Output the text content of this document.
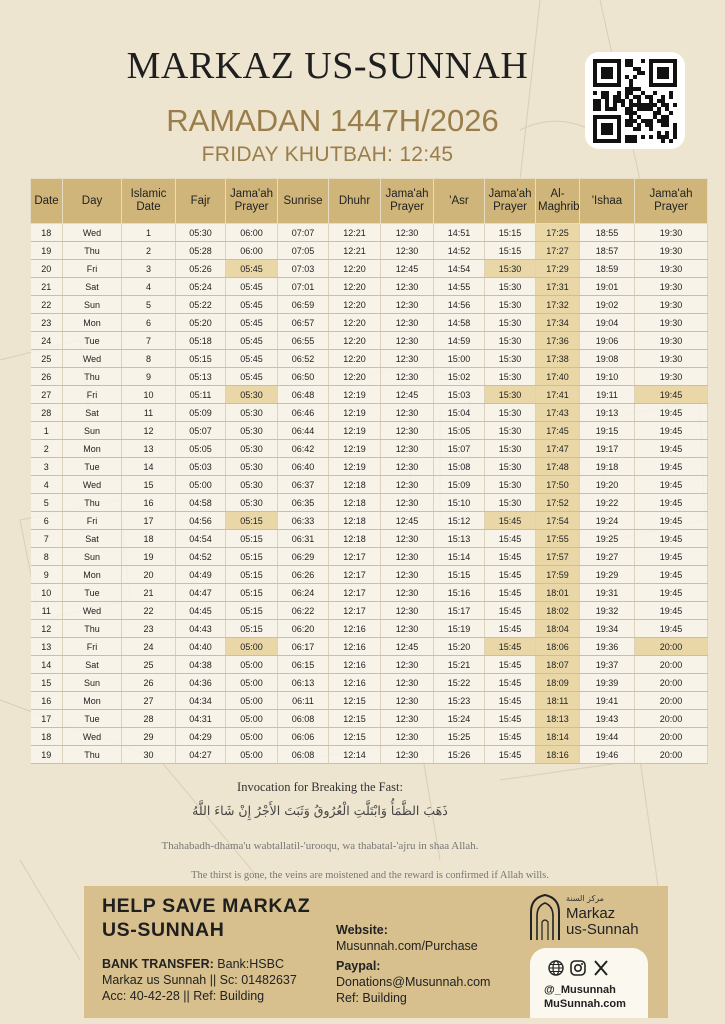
MARKAZ US-SUNNAH
RAMADAN 1447H/2026
FRIDAY KHUTBAH: 12:45
Date	Day	Islamic Date	Fajr	Jama'ah Prayer	Sunrise	Dhuhr	Jama'ah Prayer	'Asr	Jama'ah Prayer	Al-Maghrib	'Ishaa	Jama'ah Prayer
18	Wed	1	05:30	06:00	07:07	12:21	12:30	14:51	15:15	17:25	18:55	19:30
19	Thu	2	05:28	06:00	07:05	12:21	12:30	14:52	15:15	17:27	18:57	19:30
20	Fri	3	05:26	05:45	07:03	12:20	12:45	14:54	15:30	17:29	18:59	19:30
21	Sat	4	05:24	05:45	07:01	12:20	12:30	14:55	15:30	17:31	19:01	19:30
22	Sun	5	05:22	05:45	06:59	12:20	12:30	14:56	15:30	17:32	19:02	19:30
23	Mon	6	05:20	05:45	06:57	12:20	12:30	14:58	15:30	17:34	19:04	19:30
24	Tue	7	05:18	05:45	06:55	12:20	12:30	14:59	15:30	17:36	19:06	19:30
25	Wed	8	05:15	05:45	06:52	12:20	12:30	15:00	15:30	17:38	19:08	19:30
26	Thu	9	05:13	05:45	06:50	12:20	12:30	15:02	15:30	17:40	19:10	19:30
27	Fri	10	05:11	05:30	06:48	12:19	12:45	15:03	15:30	17:41	19:11	19:45
28	Sat	11	05:09	05:30	06:46	12:19	12:30	15:04	15:30	17:43	19:13	19:45
1	Sun	12	05:07	05:30	06:44	12:19	12:30	15:05	15:30	17:45	19:15	19:45
2	Mon	13	05:05	05:30	06:42	12:19	12:30	15:07	15:30	17:47	19:17	19:45
3	Tue	14	05:03	05:30	06:40	12:19	12:30	15:08	15:30	17:48	19:18	19:45
4	Wed	15	05:00	05:30	06:37	12:18	12:30	15:09	15:30	17:50	19:20	19:45
5	Thu	16	04:58	05:30	06:35	12:18	12:30	15:10	15:30	17:52	19:22	19:45
6	Fri	17	04:56	05:15	06:33	12:18	12:45	15:12	15:45	17:54	19:24	19:45
7	Sat	18	04:54	05:15	06:31	12:18	12:30	15:13	15:45	17:55	19:25	19:45
8	Sun	19	04:52	05:15	06:29	12:17	12:30	15:14	15:45	17:57	19:27	19:45
9	Mon	20	04:49	05:15	06:26	12:17	12:30	15:15	15:45	17:59	19:29	19:45
10	Tue	21	04:47	05:15	06:24	12:17	12:30	15:16	15:45	18:01	19:31	19:45
11	Wed	22	04:45	05:15	06:22	12:17	12:30	15:17	15:45	18:02	19:32	19:45
12	Thu	23	04:43	05:15	06:20	12:16	12:30	15:19	15:45	18:04	19:34	19:45
13	Fri	24	04:40	05:00	06:17	12:16	12:45	15:20	15:45	18:06	19:36	20:00
14	Sat	25	04:38	05:00	06:15	12:16	12:30	15:21	15:45	18:07	19:37	20:00
15	Sun	26	04:36	05:00	06:13	12:16	12:30	15:22	15:45	18:09	19:39	20:00
16	Mon	27	04:34	05:00	06:11	12:15	12:30	15:23	15:45	18:11	19:41	20:00
17	Tue	28	04:31	05:00	06:08	12:15	12:30	15:24	15:45	18:13	19:43	20:00
18	Wed	29	04:29	05:00	06:06	12:15	12:30	15:25	15:45	18:14	19:44	20:00
19	Thu	30	04:27	05:00	06:08	12:14	12:30	15:26	15:45	18:16	19:46	20:00
Invocation for Breaking the Fast:
ذَهَبَ الظَّمَأُ وَابْتَلَّتِ الْعُرُوقُ وَثَبَتَ الأَجْرُ إِنْ شَاءَ اللَّهُ
Thahabadh-dhama'u wabtallatil-'urooqu, wa thabatal-'ajru in shaa Allah.
The thirst is gone, the veins are moistened and the reward is confirmed if Allah wills.
HELP SAVE MARKAZ
US-SUNNAH
BANK TRANSFER: Bank:HSBC
Markaz us Sunnah || Sc: 01482637
Acc: 40-42-28 || Ref: Building
Website:
Musunnah.com/Purchase
Paypal:
Donations@Musunnah.com
Ref: Building
مركز السنة
Markaz
us-Sunnah

@_Musunnah
MuSunnah.com
